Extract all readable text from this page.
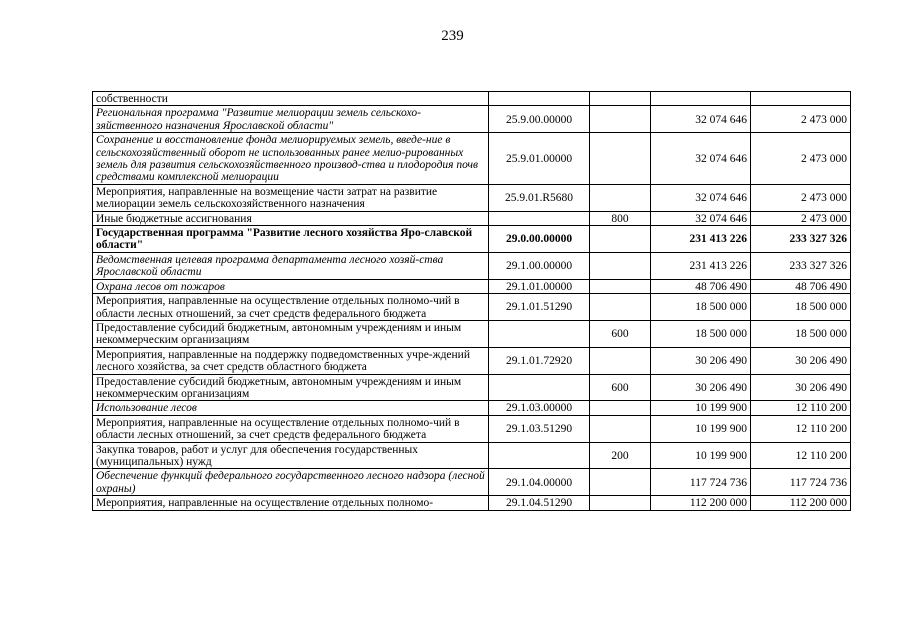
239
собственности				
Региональная программа "Развитие мелиорации земель сельскохо-зяйственного назначения Ярославской области"	25.9.00.00000		32 074 646	2 473 000
Сохранение и восстановление фонда мелиорируемых земель, введе-ние в сельскохозяйственный оборот не использованных ранее мелио-рированных земель для развития сельскохозяйственного производ-ства и плодородия почв средствами комплексной мелиорации	25.9.01.00000		32 074 646	2 473 000
Мероприятия, направленные на возмещение части затрат на развитие мелиорации земель сельскохозяйственного назначения	25.9.01.R5680		32 074 646	2 473 000
Иные бюджетные ассигнования		800	32 074 646	2 473 000
Государственная программа "Развитие лесного хозяйства Яро-славской области"	29.0.00.00000		231 413 226	233 327 326
Ведомственная целевая программа департамента лесного хозяй-ства Ярославской области	29.1.00.00000		231 413 226	233 327 326
Охрана лесов от пожаров	29.1.01.00000		48 706 490	48 706 490
Мероприятия, направленные на осуществление отдельных полномо-чий в области лесных отношений, за счет средств федерального бюджета	29.1.01.51290		18 500 000	18 500 000
Предоставление субсидий бюджетным, автономным учреждениям и иным некоммерческим организациям		600	18 500 000	18 500 000
Мероприятия, направленные на поддержку подведомственных учре-ждений лесного хозяйства, за счет средств областного бюджета	29.1.01.72920		30 206 490	30 206 490
Предоставление субсидий бюджетным, автономным учреждениям и иным некоммерческим организациям		600	30 206 490	30 206 490
Использование лесов	29.1.03.00000		10 199 900	12 110 200
Мероприятия, направленные на осуществление отдельных полномо-чий в области лесных отношений, за счет средств федерального бюджета	29.1.03.51290		10 199 900	12 110 200
Закупка товаров, работ и услуг для обеспечения государственных (муниципальных) нужд		200	10 199 900	12 110 200
Обеспечение функций федерального государственного лесного надзора (лесной охраны)	29.1.04.00000		117 724 736	117 724 736
Мероприятия, направленные на осуществление отдельных полномо-	29.1.04.51290		112 200 000	112 200 000
